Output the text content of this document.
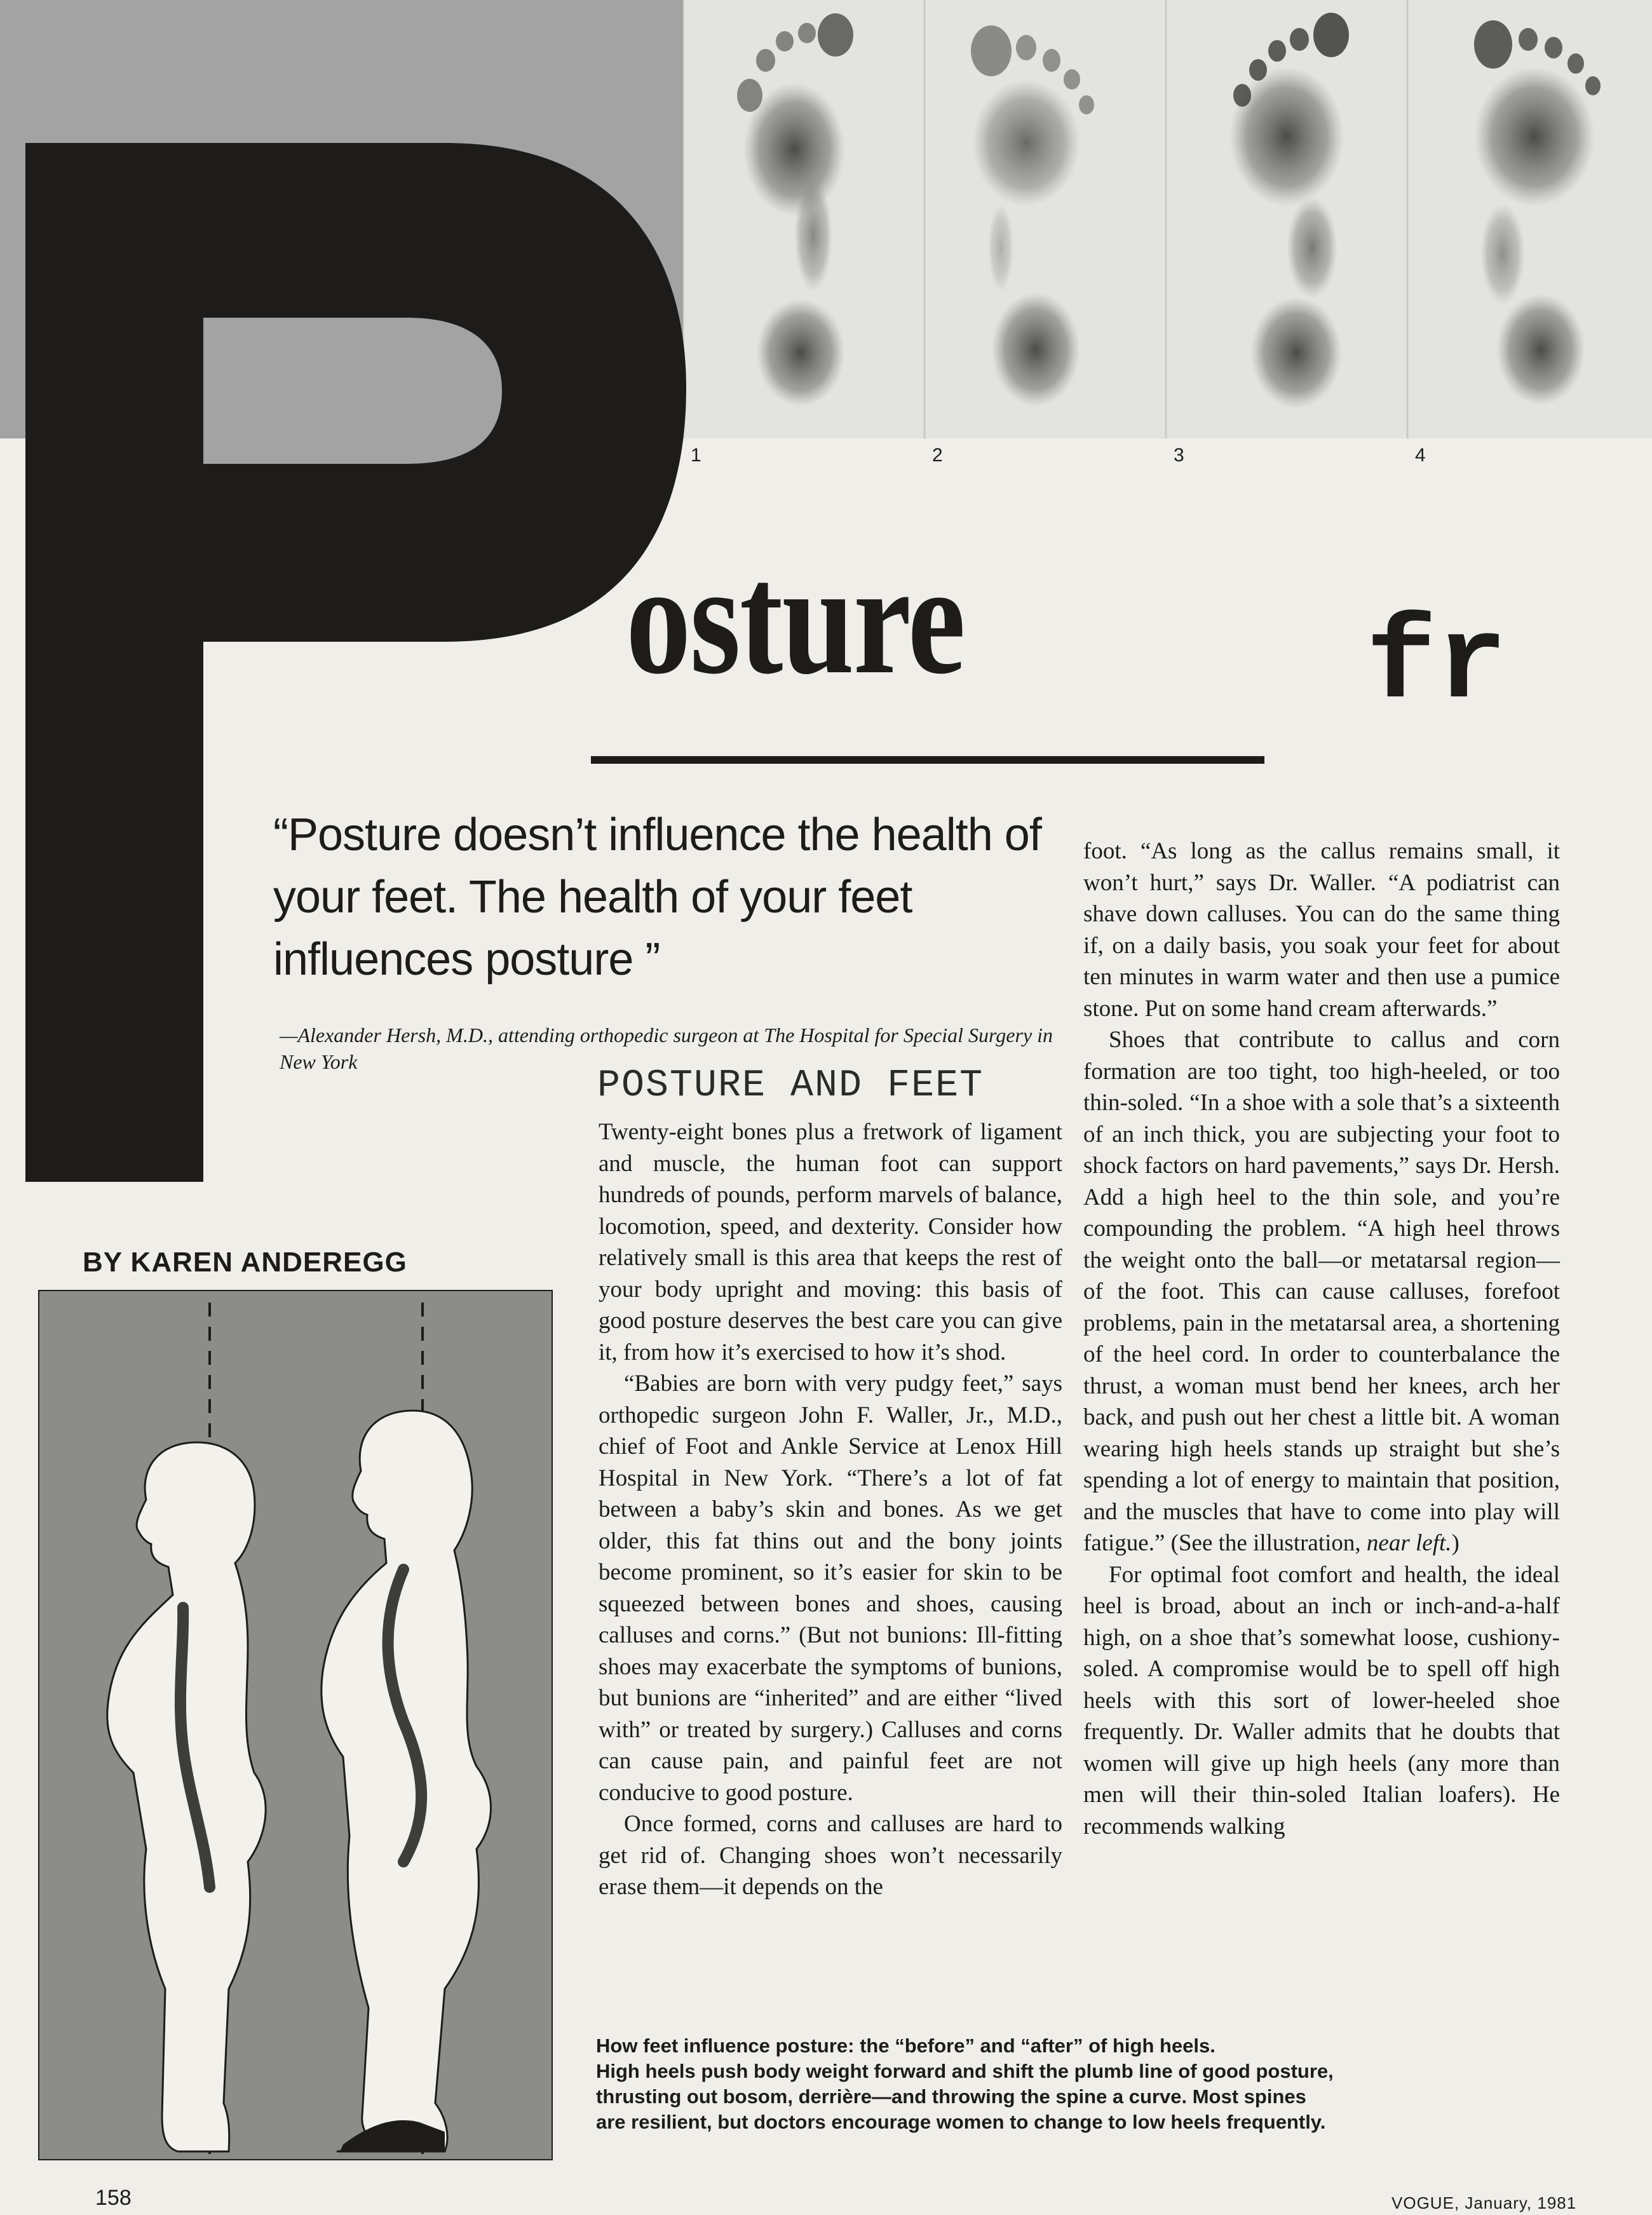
1	2	3	4
osture	fr
“Posture doesn’t influence the health of your feet. The health of your feet influences posture ”
—Alexander Hersh, M.D., attending orthopedic surgeon at The Hospital for Special Surgery in New York
BY KAREN ANDEREGG
POSTURE AND FEET

Twenty-eight bones plus a fretwork of ligament and muscle, the human foot can support hundreds of pounds, perform marvels of balance, locomotion, speed, and dexterity. Consider how relatively small is this area that keeps the rest of your body upright and moving: this basis of good posture deserves the best care you can give it, from how it’s exercised to how it’s shod.

“Babies are born with very pudgy feet,” says orthopedic surgeon John F. Waller, Jr., M.D., chief of Foot and Ankle Service at Lenox Hill Hospital in New York. “There’s a lot of fat between a baby’s skin and bones. As we get older, this fat thins out and the bony joints become prominent, so it’s easier for skin to be squeezed between bones and shoes, causing calluses and corns.” (But not bunions: Ill-fitting shoes may exacerbate the symptoms of bunions, but bunions are “inherited” and are either “lived with” or treated by surgery.) Calluses and corns can cause pain, and painful feet are not conducive to good posture.

Once formed, corns and calluses are hard to get rid of. Changing shoes won’t necessarily erase them—it depends on the

foot. “As long as the callus remains small, it won’t hurt,” says Dr. Waller. “A podiatrist can shave down calluses. You can do the same thing if, on a daily basis, you soak your feet for about ten minutes in warm water and then use a pumice stone. Put on some hand cream afterwards.”

Shoes that contribute to callus and corn formation are too tight, too high-heeled, or too thin-soled. “In a shoe with a sole that’s a sixteenth of an inch thick, you are subjecting your foot to shock factors on hard pavements,” says Dr. Hersh. Add a high heel to the thin sole, and you’re compounding the problem. “A high heel throws the weight onto the ball—or metatarsal region—of the foot. This can cause calluses, forefoot problems, pain in the metatarsal area, a shortening of the heel cord. In order to counterbalance the thrust, a woman must bend her knees, arch her back, and push out her chest a little bit. A woman wearing high heels stands up straight but she’s spending a lot of energy to maintain that position, and the muscles that have to come into play will fatigue.” (See the illustration, near left.)

For optimal foot comfort and health, the ideal heel is broad, about an inch or inch-and-a-half high, on a shoe that’s somewhat loose, cushiony-soled. A compromise would be to spell off high heels with this sort of lower-heeled shoe frequently. Dr. Waller admits that he doubts that women will give up high heels (any more than men will their thin-soled Italian loafers). He recommends walking

How feet influence posture: the “before” and “after” of high heels.
High heels push body weight forward and shift the plumb line of good posture,
thrusting out bosom, derrière—and throwing the spine a curve. Most spines
are resilient, but doctors encourage women to change to low heels frequently.
158	VOGUE, January, 1981
